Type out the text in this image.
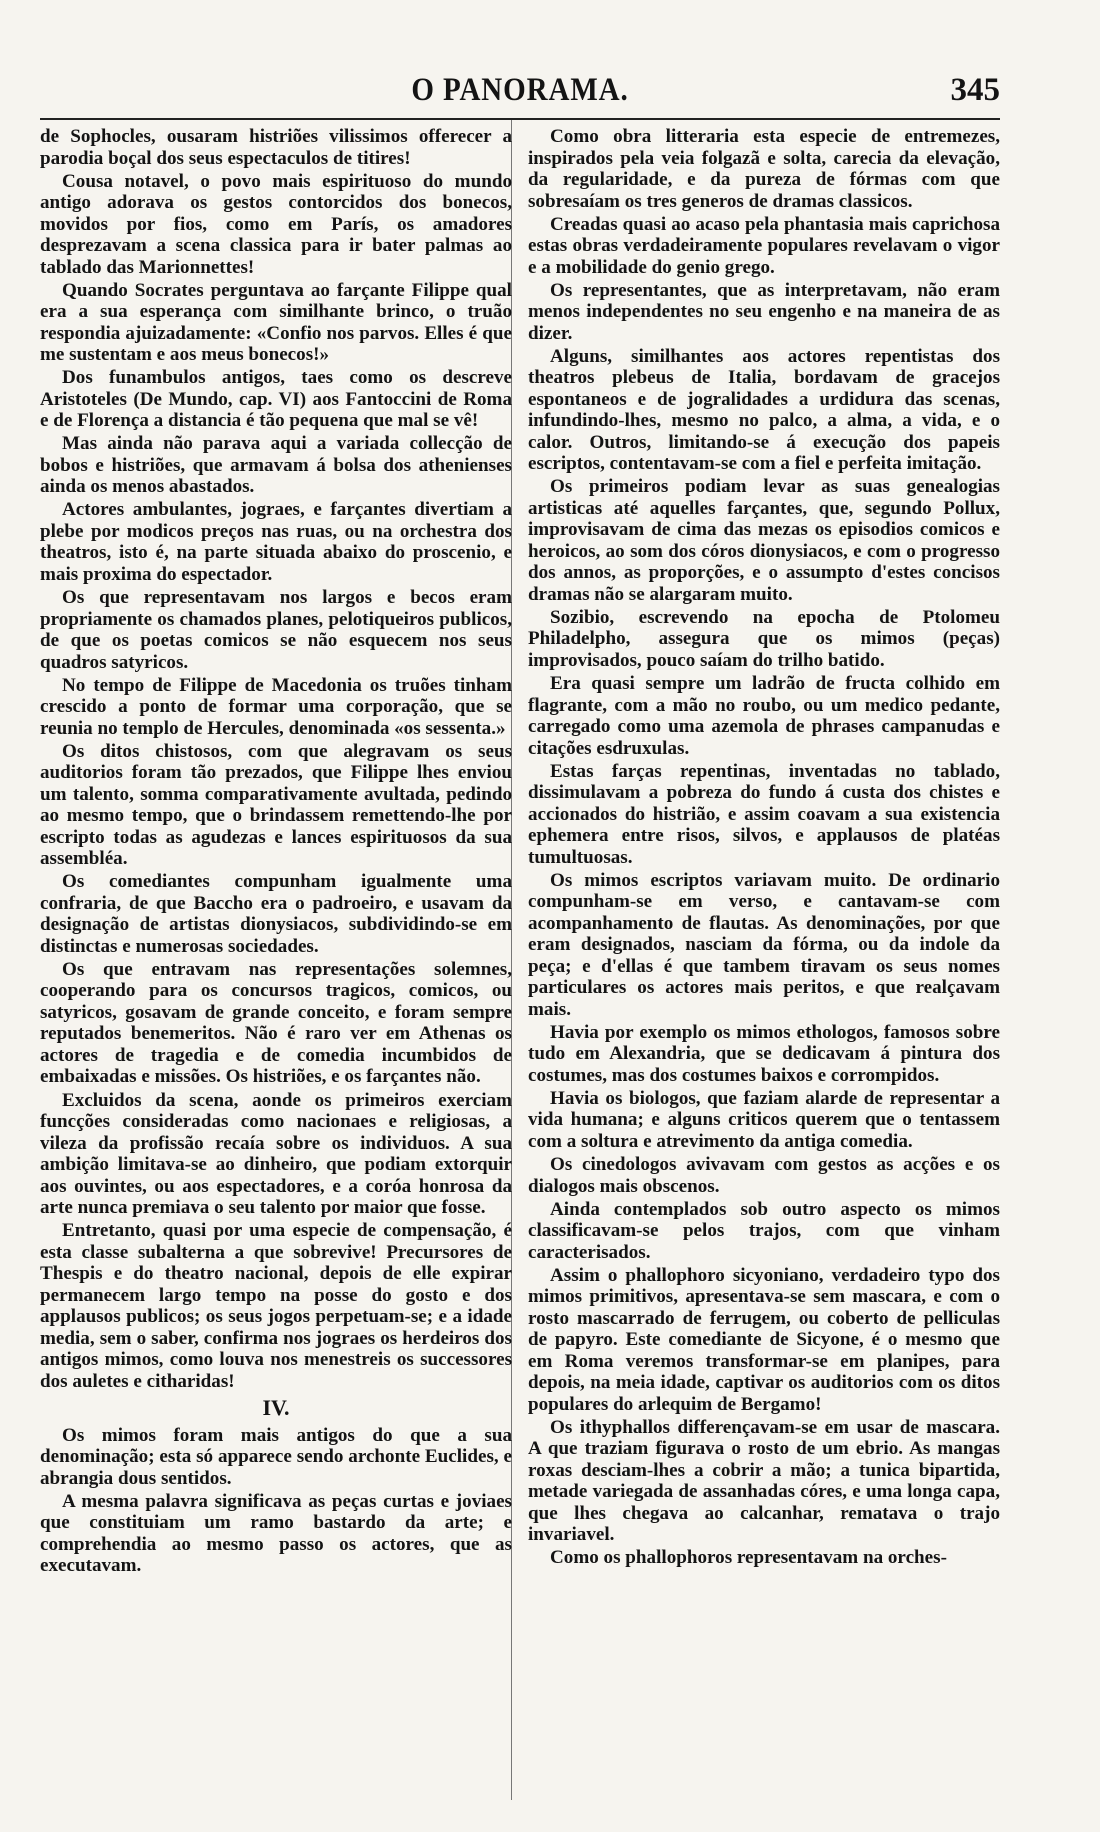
O PANORAMA.	345

de Sophocles, ousaram histriões vilissimos offerecer a parodia boçal dos seus espectaculos de titires!

Cousa notavel, o povo mais espirituoso do mundo antigo adorava os gestos contorcidos dos bonecos, movidos por fios, como em París, os amadores desprezavam a scena classica para ir bater palmas ao tablado das Marionnettes!

Quando Socrates perguntava ao farçante Filippe qual era a sua esperança com similhante brinco, o truão respondia ajuizadamente: «Confio nos parvos. Elles é que me sustentam e aos meus bonecos!»

Dos funambulos antigos, taes como os descreve Aristoteles (De Mundo, cap. VI) aos Fantoccini de Roma e de Florença a distancia é tão pequena que mal se vê!

Mas ainda não parava aqui a variada collecção de bobos e histriões, que armavam á bolsa dos athenienses ainda os menos abastados.

Actores ambulantes, jograes, e farçantes divertiam a plebe por modicos preços nas ruas, ou na orchestra dos theatros, isto é, na parte situada abaixo do proscenio, e mais proxima do espectador.

Os que representavam nos largos e becos eram propriamente os chamados planes, pelotiqueiros publicos, de que os poetas comicos se não esquecem nos seus quadros satyricos.

No tempo de Filippe de Macedonia os truões tinham crescido a ponto de formar uma corporação, que se reunia no templo de Hercules, denominada «os sessenta.»

Os ditos chistosos, com que alegravam os seus auditorios foram tão prezados, que Filippe lhes enviou um talento, somma comparativamente avultada, pedindo ao mesmo tempo, que o brindassem remettendo-lhe por escripto todas as agudezas e lances espirituosos da sua assembléa.

Os comediantes compunham igualmente uma confraria, de que Baccho era o padroeiro, e usavam da designação de artistas dionysiacos, subdividindo-se em distinctas e numerosas sociedades.

Os que entravam nas representações solemnes, cooperando para os concursos tragicos, comicos, ou satyricos, gosavam de grande conceito, e foram sempre reputados benemeritos. Não é raro ver em Athenas os actores de tragedia e de comedia incumbidos de embaixadas e missões. Os histriões, e os farçantes não.

Excluidos da scena, aonde os primeiros exerciam funcções consideradas como nacionaes e religiosas, a vileza da profissão recaía sobre os individuos. A sua ambição limitava-se ao dinheiro, que podiam extorquir aos ouvintes, ou aos espectadores, e a coróa honrosa da arte nunca premiava o seu talento por maior que fosse.

Entretanto, quasi por uma especie de compensação, é esta classe subalterna a que sobrevive! Precursores de Thespis e do theatro nacional, depois de elle expirar permanecem largo tempo na posse do gosto e dos applausos publicos; os seus jogos perpetuam-se; e a idade media, sem o saber, confirma nos jograes os herdeiros dos antigos mimos, como louva nos menestreis os successores dos auletes e citharidas!

IV.

Os mimos foram mais antigos do que a sua denominação; esta só apparece sendo archonte Euclides, e abrangia dous sentidos.

A mesma palavra significava as peças curtas e joviaes que constituiam um ramo bastardo da arte; e comprehendia ao mesmo passo os actores, que as executavam.

Como obra litteraria esta especie de entremezes, inspirados pela veia folgazã e solta, carecia da elevação, da regularidade, e da pureza de fórmas com que sobresaíam os tres generos de dramas classicos.

Creadas quasi ao acaso pela phantasia mais caprichosa estas obras verdadeiramente populares revelavam o vigor e a mobilidade do genio grego.

Os representantes, que as interpretavam, não eram menos independentes no seu engenho e na maneira de as dizer.

Alguns, similhantes aos actores repentistas dos theatros plebeus de Italia, bordavam de gracejos espontaneos e de jogralidades a urdidura das scenas, infundindo-lhes, mesmo no palco, a alma, a vida, e o calor. Outros, limitando-se á execução dos papeis escriptos, contentavam-se com a fiel e perfeita imitação.

Os primeiros podiam levar as suas genealogias artisticas até aquelles farçantes, que, segundo Pollux, improvisavam de cima das mezas os episodios comicos e heroicos, ao som dos córos dionysiacos, e com o progresso dos annos, as proporções, e o assumpto d'estes concisos dramas não se alargaram muito.

Sozibio, escrevendo na epocha de Ptolomeu Philadelpho, assegura que os mimos (peças) improvisados, pouco saíam do trilho batido.

Era quasi sempre um ladrão de fructa colhido em flagrante, com a mão no roubo, ou um medico pedante, carregado como uma azemola de phrases campanudas e citações esdruxulas.

Estas farças repentinas, inventadas no tablado, dissimulavam a pobreza do fundo á custa dos chistes e accionados do histrião, e assim coavam a sua existencia ephemera entre risos, silvos, e applausos de platéas tumultuosas.

Os mimos escriptos variavam muito. De ordinario compunham-se em verso, e cantavam-se com acompanhamento de flautas. As denominações, por que eram designados, nasciam da fórma, ou da indole da peça; e d'ellas é que tambem tiravam os seus nomes particulares os actores mais peritos, e que realçavam mais.

Havia por exemplo os mimos ethologos, famosos sobre tudo em Alexandria, que se dedicavam á pintura dos costumes, mas dos costumes baixos e corrompidos.

Havia os biologos, que faziam alarde de representar a vida humana; e alguns criticos querem que o tentassem com a soltura e atrevimento da antiga comedia.

Os cinedologos avivavam com gestos as acções e os dialogos mais obscenos.

Ainda contemplados sob outro aspecto os mimos classificavam-se pelos trajos, com que vinham caracterisados.

Assim o phallophoro sicyoniano, verdadeiro typo dos mimos primitivos, apresentava-se sem mascara, e com o rosto mascarrado de ferrugem, ou coberto de pelliculas de papyro. Este comediante de Sicyone, é o mesmo que em Roma veremos transformar-se em planipes, para depois, na meia idade, captivar os auditorios com os ditos populares do arlequim de Bergamo!

Os ithyphallos differençavam-se em usar de mascara. A que traziam figurava o rosto de um ebrio. As mangas roxas desciam-lhes a cobrir a mão; a tunica bipartida, metade variegada de assanhadas córes, e uma longa capa, que lhes chegava ao calcanhar, rematava o trajo invariavel.

Como os phallophoros representavam na orches-
